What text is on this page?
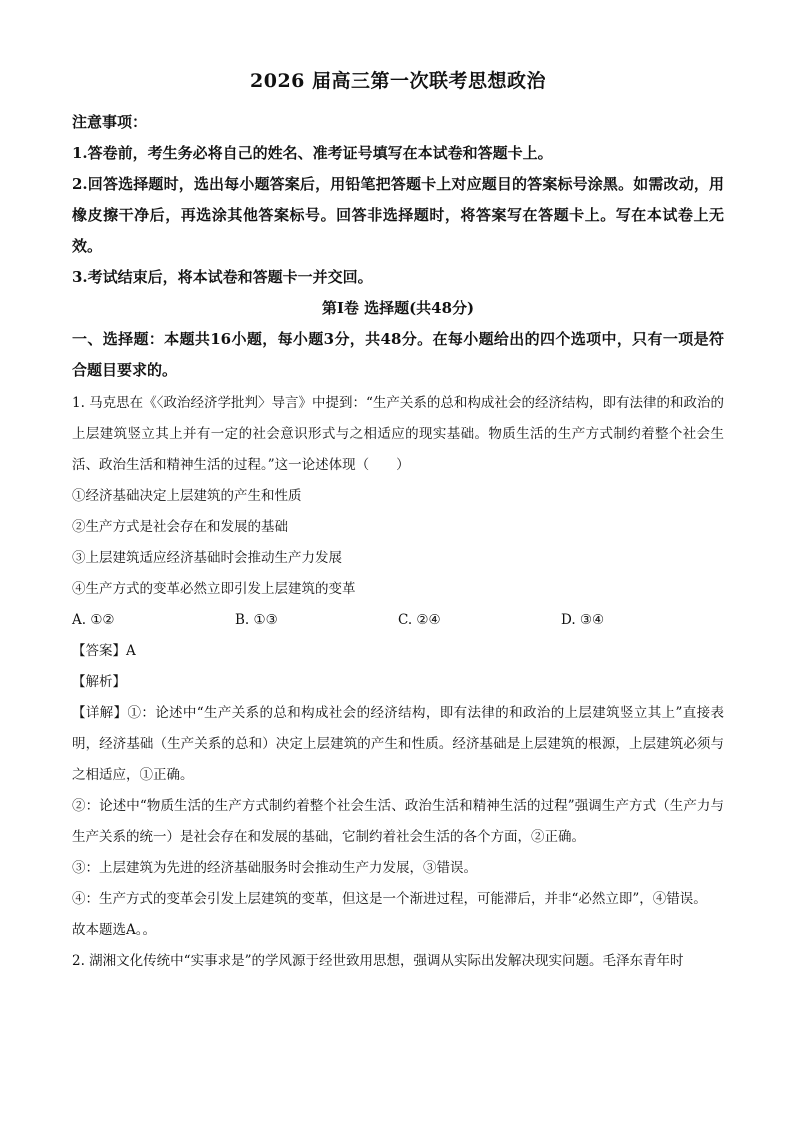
2026 届高三第一次联考思想政治

注意事项：

1.答卷前，考生务必将自己的姓名、准考证号填写在本试卷和答题卡上。

2.回答选择题时，选出每小题答案后，用铅笔把答题卡上对应题目的答案标号涂黑。如需改动，用橡皮擦干净后，再选涂其他答案标号。回答非选择题时，将答案写在答题卡上。写在本试卷上无效。

3.考试结束后，将本试卷和答题卡一并交回。

第Ⅰ卷 选择题(共48分)

一、选择题：本题共16小题，每小题3分，共48分。在每小题给出的四个选项中，只有一项是符合题目要求的。

1. 马克思在《〈政治经济学批判〉导言》中提到：“生产关系的总和构成社会的经济结构，即有法律的和政治的上层建筑竖立其上并有一定的社会意识形式与之相适应的现实基础。物质生活的生产方式制约着整个社会生活、政治生活和精神生活的过程。”这一论述体现（　　）

①经济基础决定上层建筑的产生和性质

②生产方式是社会存在和发展的基础

③上层建筑适应经济基础时会推动生产力发展

④生产方式的变革必然立即引发上层建筑的变革

A. ①②	B. ①③	C. ②④	D. ③④

【答案】A

【解析】

【详解】①：论述中“生产关系的总和构成社会的经济结构，即有法律的和政治的上层建筑竖立其上”直接表明，经济基础（生产关系的总和）决定上层建筑的产生和性质。经济基础是上层建筑的根源，上层建筑必须与之相适应，①正确。

②：论述中“物质生活的生产方式制约着整个社会生活、政治生活和精神生活的过程”强调生产方式（生产力与生产关系的统一）是社会存在和发展的基础，它制约着社会生活的各个方面，②正确。

③：上层建筑为先进的经济基础服务时会推动生产力发展，③错误。

④：生产方式的变革会引发上层建筑的变革，但这是一个渐进过程，可能滞后，并非“必然立即”，④错误。

故本题选A。。

2. 湖湘文化传统中“实事求是”的学风源于经世致用思想，强调从实际出发解决现实问题。毛泽东青年时
